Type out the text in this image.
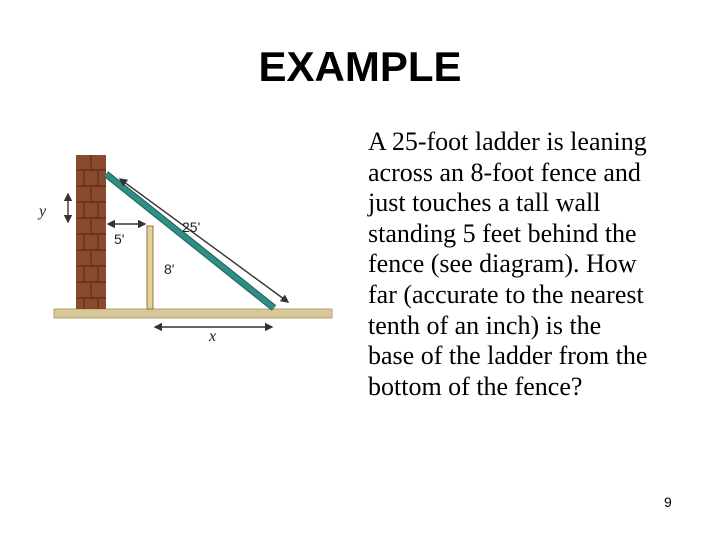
EXAMPLE
y
5'
25'
8'
x
A 25-foot ladder is leaning
across an 8-foot fence and
just touches a tall wall
standing 5 feet behind the
fence (see diagram). How
far (accurate to the nearest
tenth of an inch) is the
base of the ladder from the
bottom of the fence?
9
